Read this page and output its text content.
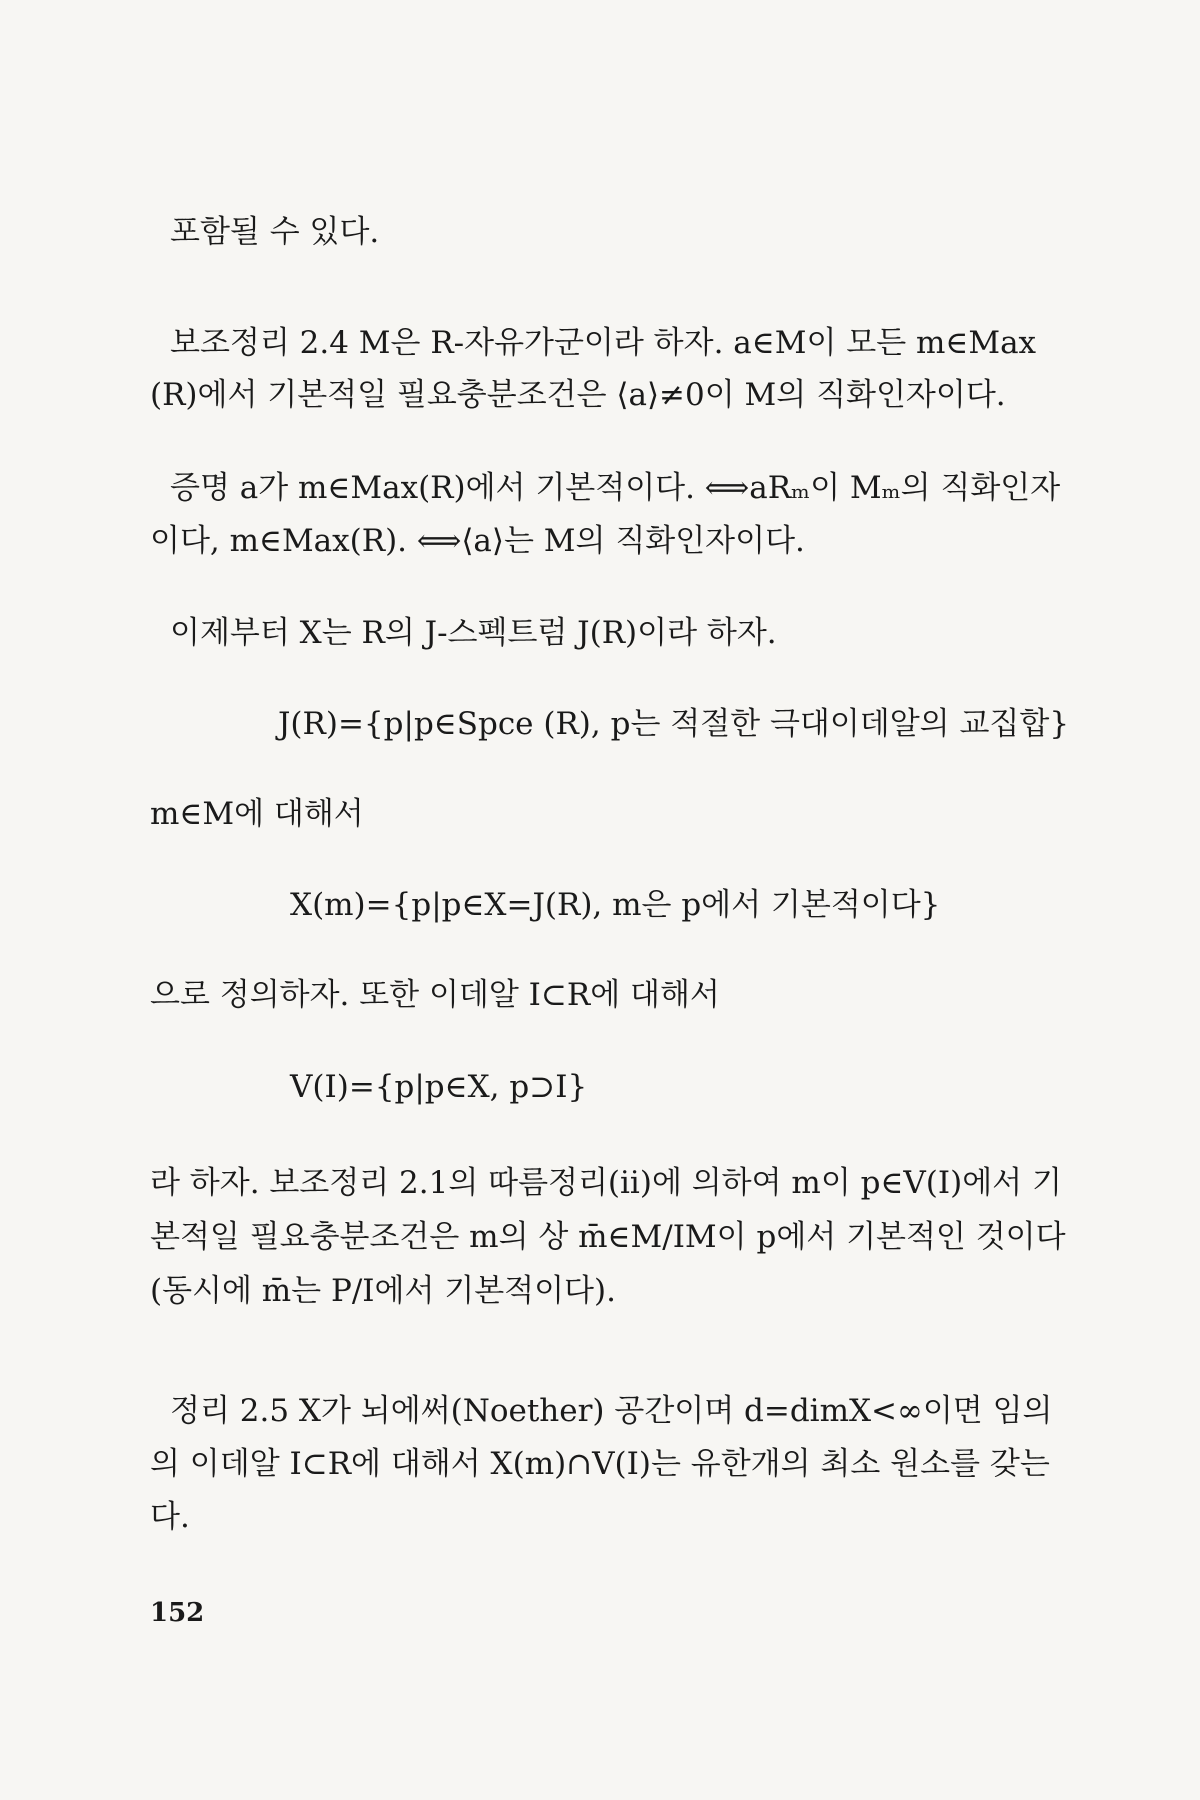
포함될 수 있다.
보조정리 2.4 M은 R-자유가군이라 하자. a∈M이 모든 m∈Max
(R)에서 기본적일 필요충분조건은 ⟨a⟩≠0이 M의 직화인자이다.
증명 a가 m∈Max(R)에서 기본적이다. ⟺aRₘ이 Mₘ의 직화인자
이다, m∈Max(R). ⟺⟨a⟩는 M의 직화인자이다.
이제부터 X는 R의 J-스펙트럼 J(R)이라 하자.
J(R)={p|p∈Spce (R), p는 적절한 극대이데알의 교집합}
m∈M에 대해서
X(m)={p|p∈X=J(R), m은 p에서 기본적이다}
으로 정의하자. 또한 이데알 I⊂R에 대해서
V(I)={p|p∈X, p⊃I}
라 하자. 보조정리 2.1의 따름정리(ii)에 의하여 m이 p∈V(I)에서 기
본적일 필요충분조건은 m의 상 m̄∈M/IM이 p에서 기본적인 것이다
(동시에 m̄는 P/I에서 기본적이다).
정리 2.5 X가 뇌에써(Noether) 공간이며 d=dimX<∞이면 임의
의 이데알 I⊂R에 대해서 X(m)∩V(I)는 유한개의 최소 원소를 갖는
다.
152
